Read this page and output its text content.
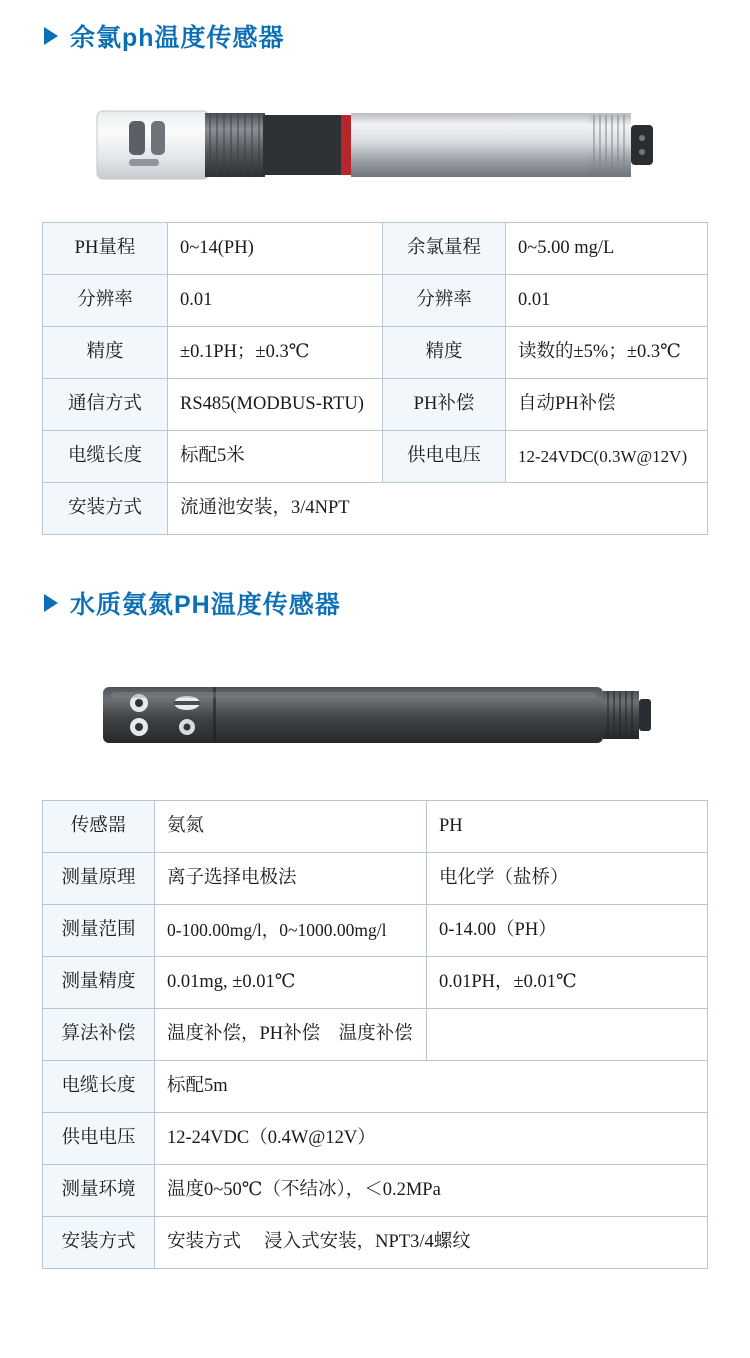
余氯ph温度传感器
PH量程	0~14(PH)	余氯量程	0~5.00 mg/L
分辨率	0.01	分辨率	0.01
精度	±0.1PH；±0.3℃	精度	读数的±5%；±0.3℃
通信方式	RS485(MODBUS-RTU)	PH补偿	自动PH补偿
电缆长度	标配5米	供电电压	12-24VDC(0.3W@12V)
安装方式	流通池安装，3/4NPT		
水质氨氮PH温度传感器
传感噐	氨氮	PH
测量原理	离子选择电极法	电化学（盐桥）
测量范围	0-100.00mg/l，0~1000.00mg/l	0-14.00（PH）
测量精度	0.01mg, ±0.01℃	0.01PH，±0.01℃
算法补偿	温度补偿，PH补偿　温度补偿	
电缆长度	标配5m	
供电电压	12-24VDC（0.4W@12V）	
测量环境	温度0~50℃（不结冰），＜0.2MPa	
安装方式	安装方式　 浸入式安装，NPT3/4螺纹	
